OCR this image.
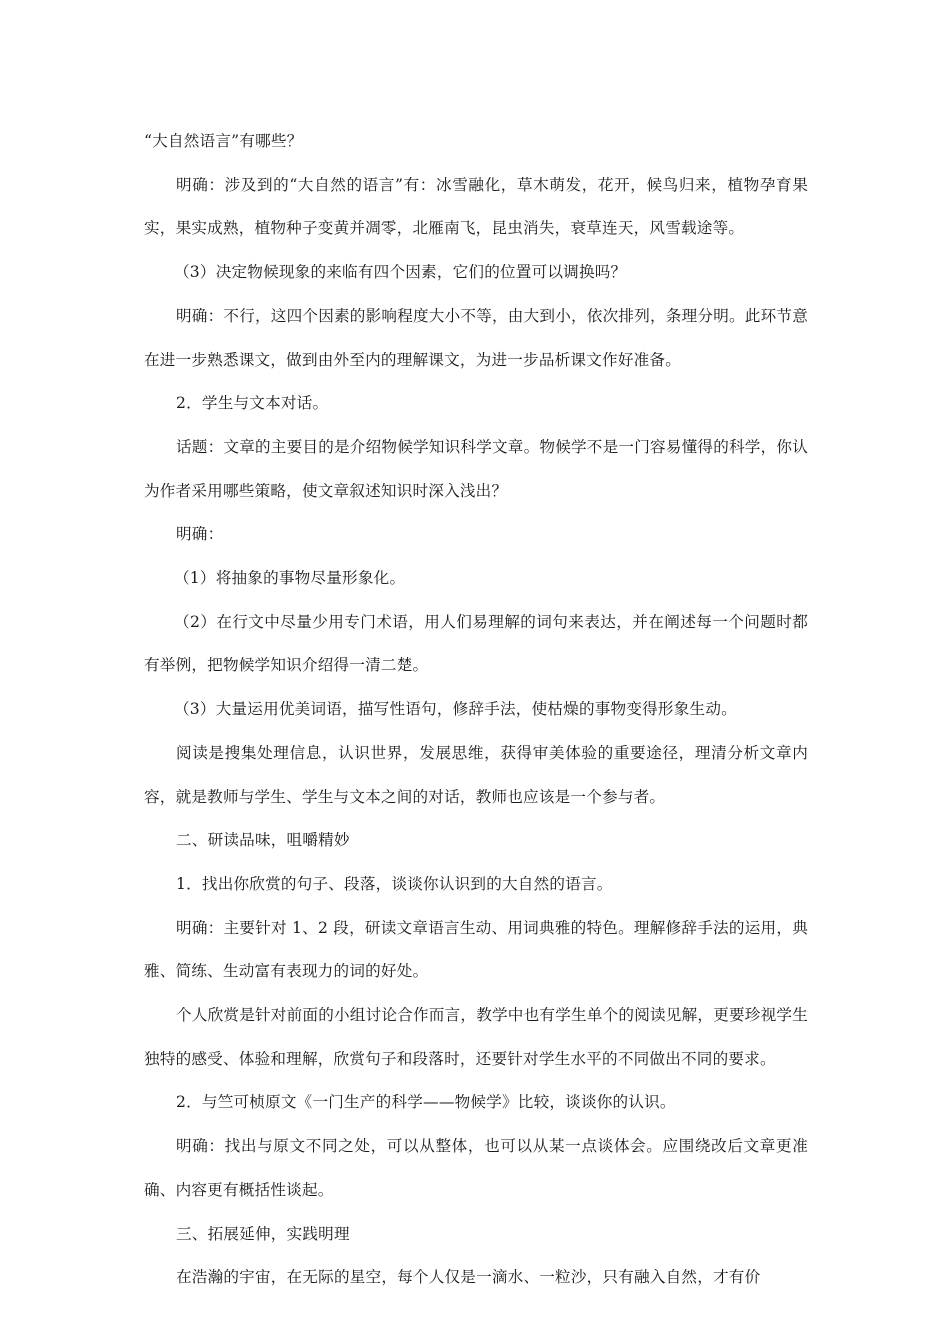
“大自然语言”有哪些？

明确：涉及到的“大自然的语言”有：冰雪融化，草木萌发，花开，候鸟归来，植物孕育果实，果实成熟，植物种子变黄并凋零，北雁南飞，昆虫消失，衰草连天，风雪载途等。

（3）决定物候现象的来临有四个因素，它们的位置可以调换吗？

明确：不行，这四个因素的影响程度大小不等，由大到小，依次排列，条理分明。此环节意在进一步熟悉课文，做到由外至内的理解课文，为进一步品析课文作好准备。

2．学生与文本对话。

话题：文章的主要目的是介绍物候学知识科学文章。物候学不是一门容易懂得的科学，你认为作者采用哪些策略，使文章叙述知识时深入浅出？

明确：

（1）将抽象的事物尽量形象化。

（2）在行文中尽量少用专门术语，用人们易理解的词句来表达，并在阐述每一个问题时都有举例，把物候学知识介绍得一清二楚。

（3）大量运用优美词语，描写性语句，修辞手法，使枯燥的事物变得形象生动。

阅读是搜集处理信息，认识世界，发展思维，获得审美体验的重要途径，理清分析文章内容，就是教师与学生、学生与文本之间的对话，教师也应该是一个参与者。

二、研读品味，咀嚼精妙

1．找出你欣赏的句子、段落，谈谈你认识到的大自然的语言。

明确：主要针对 1、2 段，研读文章语言生动、用词典雅的特色。理解修辞手法的运用，典雅、简练、生动富有表现力的词的好处。

个人欣赏是针对前面的小组讨论合作而言，教学中也有学生单个的阅读见解，更要珍视学生独特的感受、体验和理解，欣赏句子和段落时，还要针对学生水平的不同做出不同的要求。

2．与竺可桢原文《一门生产的科学——物候学》比较，谈谈你的认识。

明确：找出与原文不同之处，可以从整体，也可以从某一点谈体会。应围绕改后文章更准确、内容更有概括性谈起。

三、拓展延伸，实践明理

在浩瀚的宇宙，在无际的星空，每个人仅是一滴水、一粒沙，只有融入自然，才有价
